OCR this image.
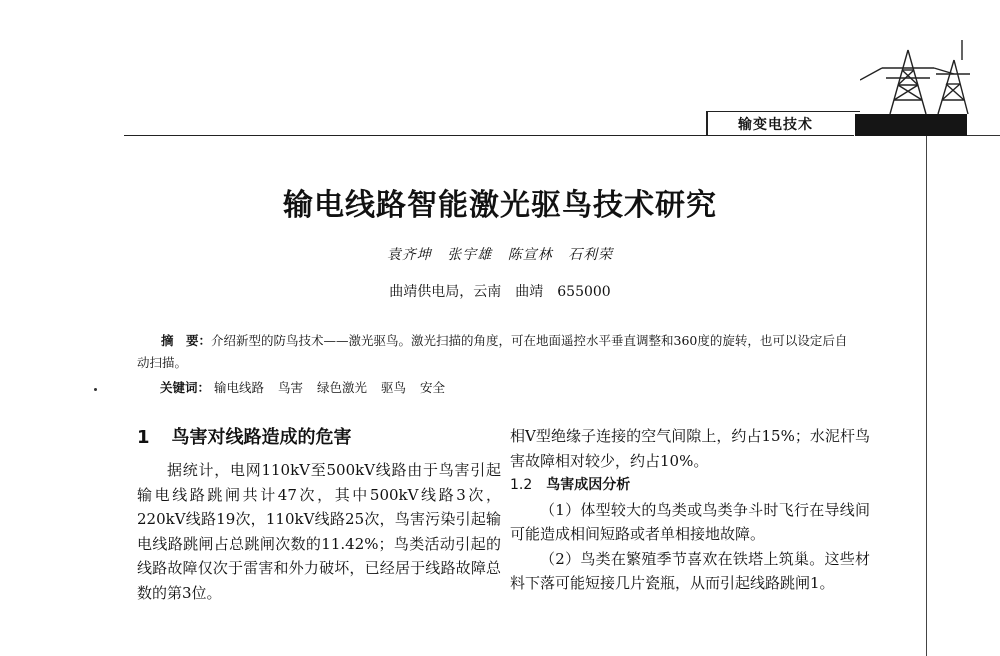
输变电技术
输电线路智能激光驱鸟技术研究
袁齐坤 张宇雄 陈宣林 石利荣
曲靖供电局，云南　曲靖　655000

摘　要：介绍新型的防鸟技术——激光驱鸟。激光扫描的角度，可在地面遥控水平垂直调整和360度的旋转，也可以设定后自动扫描。

关键词： 输电线路 鸟害 绿色激光 驱鸟 安全
1 鸟害对线路造成的危害

据统计，电网110kV至500kV线路由于鸟害引起输电线路跳闸共计47次，其中500kV线路3次，220kV线路19次，110kV线路25次，鸟害污染引起输电线路跳闸占总跳闸次数的11.42%；鸟类活动引起的线路故障仅次于雷害和外力破坏，已经居于线路故障总数的第3位。

相V型绝缘子连接的空气间隙上，约占15%；水泥杆鸟害故障相对较少，约占10%。

1.2 鸟害成因分析

（1）体型较大的鸟类或鸟类争斗时飞行在导线间可能造成相间短路或者单相接地故障。

（2）鸟类在繁殖季节喜欢在铁塔上筑巢。这些材料下落可能短接几片瓷瓶，从而引起线路跳闸1。
